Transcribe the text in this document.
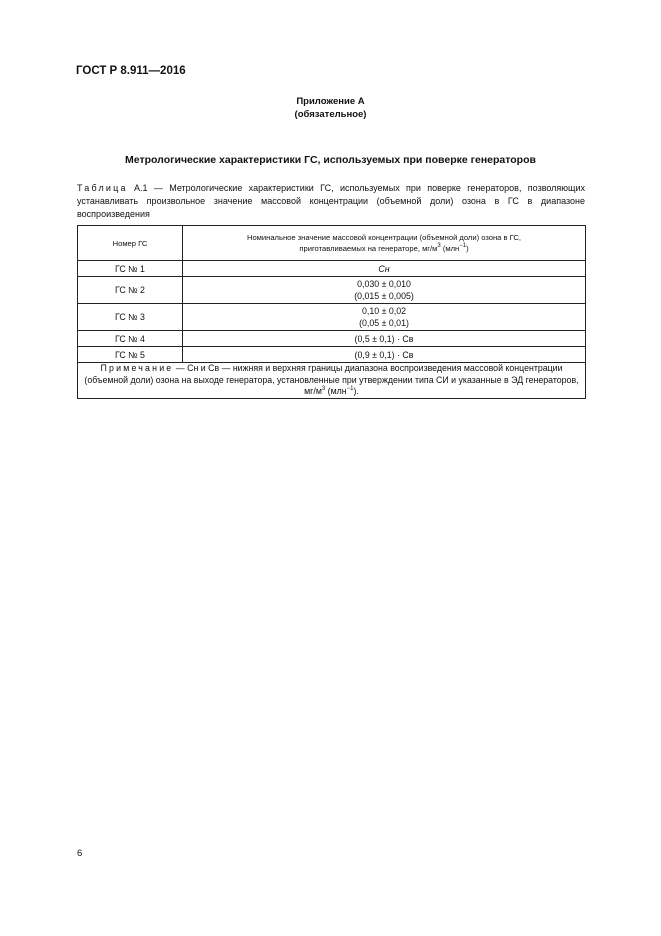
ГОСТ Р 8.911—2016
Приложение А
(обязательное)
Метрологические характеристики ГС, используемых при поверке генераторов
Таблица А.1 — Метрологические характеристики ГС, используемых при поверке генераторов, позволяющих устанавливать произвольное значение массовой концентрации (объемной доли) озона в ГС в диапазоне воспроизведения
Номер ГС	Номинальное значение массовой концентрации (объемной доли) озона в ГС,
приготавливаемых на генераторе, $мг/м^3$ (млн$^{-1}$)

ГС № 1	Сн
ГС № 2	0,030 ± 0,010
(0,015 ± 0,005)

ГС № 3	0,10 ± 0,02
(0,05 ± 0,01)

ГС № 4	(0,5 ± 0,1) · Св
ГС № 5	(0,9 ± 0,1) · Св
Примечание — Сн и Св — нижняя и верхняя границы диапазона воспроизведения массовой концентрации (объемной доли) озона на выходе генератора, установленные при утверждении типа СИ и указанные в ЭД генераторов, $мг/м^3$ (млн$^{-1}$).	
6
